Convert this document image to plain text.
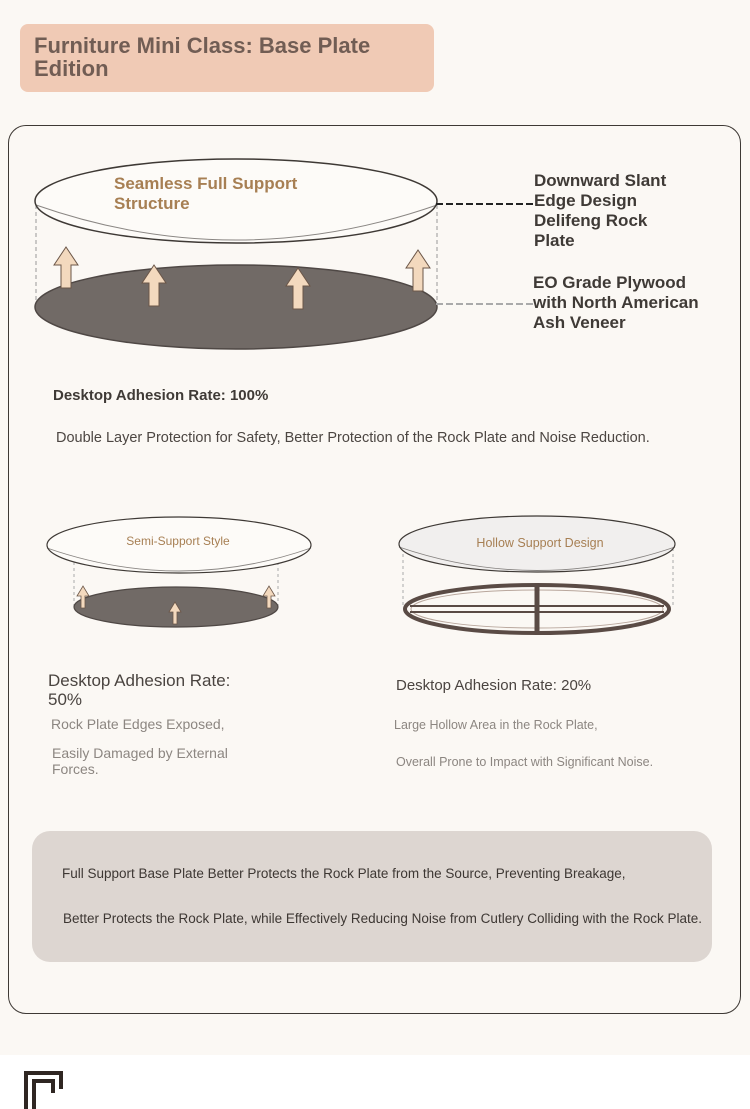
Furniture Mini Class: Base Plate Edition
Seamless Full Support Structure
Downward Slant Edge Design Delifeng Rock Plate
EO Grade Plywood with North American Ash Veneer
Desktop Adhesion Rate: 100%
Double Layer Protection for Safety, Better Protection of the Rock Plate and Noise Reduction.
Semi-Support Style	Hollow Support Design
Desktop Adhesion Rate: 50%
Rock Plate Edges Exposed,
Easily Damaged by External Forces.
Desktop Adhesion Rate: 20%
Large Hollow Area in the Rock Plate,
Overall Prone to Impact with Significant Noise.
Full Support Base Plate Better Protects the Rock Plate from the Source, Preventing Breakage,
Better Protects the Rock Plate, while Effectively Reducing Noise from Cutlery Colliding with the Rock Plate.
